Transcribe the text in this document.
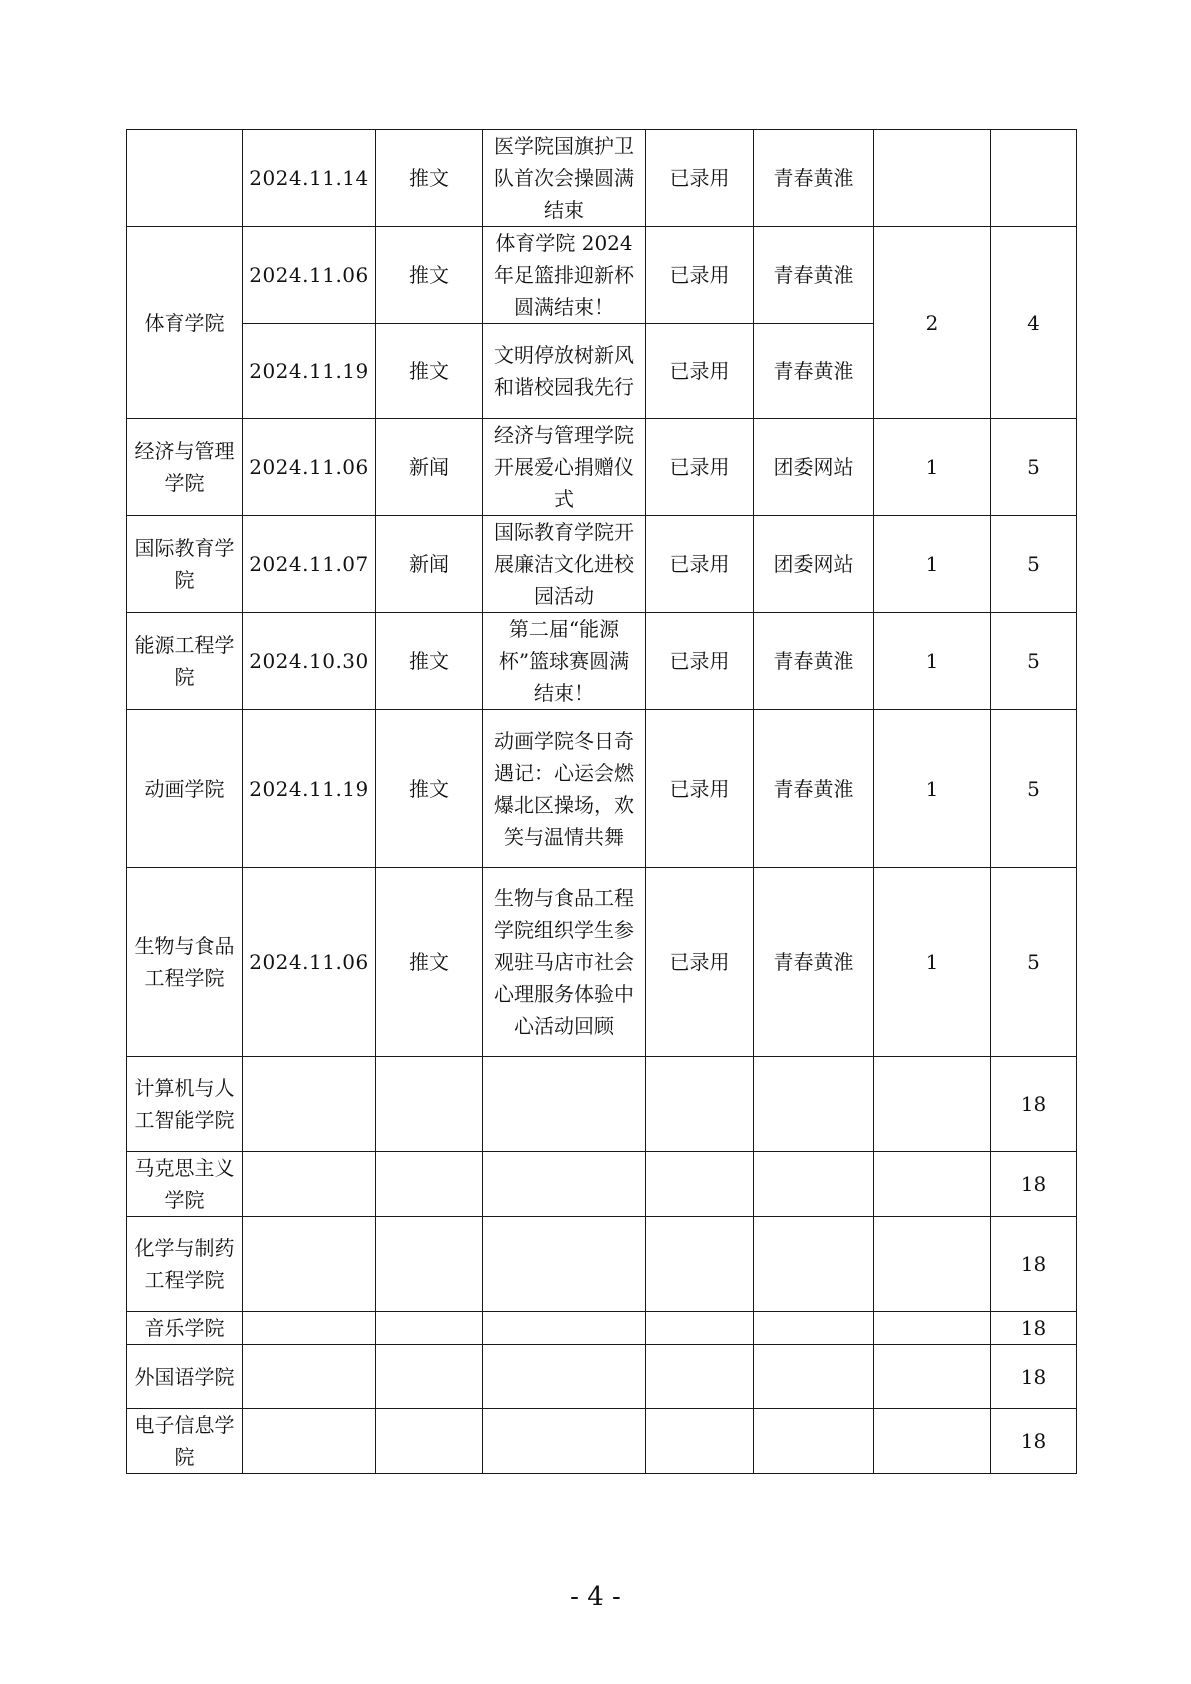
	2024.11.14	推文	医学院国旗护卫队首次会操圆满结束	已录用	青春黄淮		
体育学院	2024.11.06	推文	体育学院 2024 年足篮排迎新杯圆满结束！	已录用	青春黄淮	2	4
	2024.11.19	推文	文明停放树新风 和谐校园我先行	已录用	青春黄淮		
经济与管理学院	2024.11.06	新闻	经济与管理学院开展爱心捐赠仪式	已录用	团委网站	1	5
国际教育学院	2024.11.07	新闻	国际教育学院开展廉洁文化进校园活动	已录用	团委网站	1	5
能源工程学院	2024.10.30	推文	第二届“能源杯”篮球赛圆满结束！	已录用	青春黄淮	1	5
动画学院	2024.11.19	推文	动画学院冬日奇遇记：心运会燃爆北区操场，欢笑与温情共舞	已录用	青春黄淮	1	5
生物与食品工程学院	2024.11.06	推文	生物与食品工程学院组织学生参观驻马店市社会心理服务体验中心活动回顾	已录用	青春黄淮	1	5
计算机与人工智能学院							18
马克思主义学院							18
化学与制药工程学院							18
音乐学院							18
外国语学院							18
电子信息学院							18
- 4 -
